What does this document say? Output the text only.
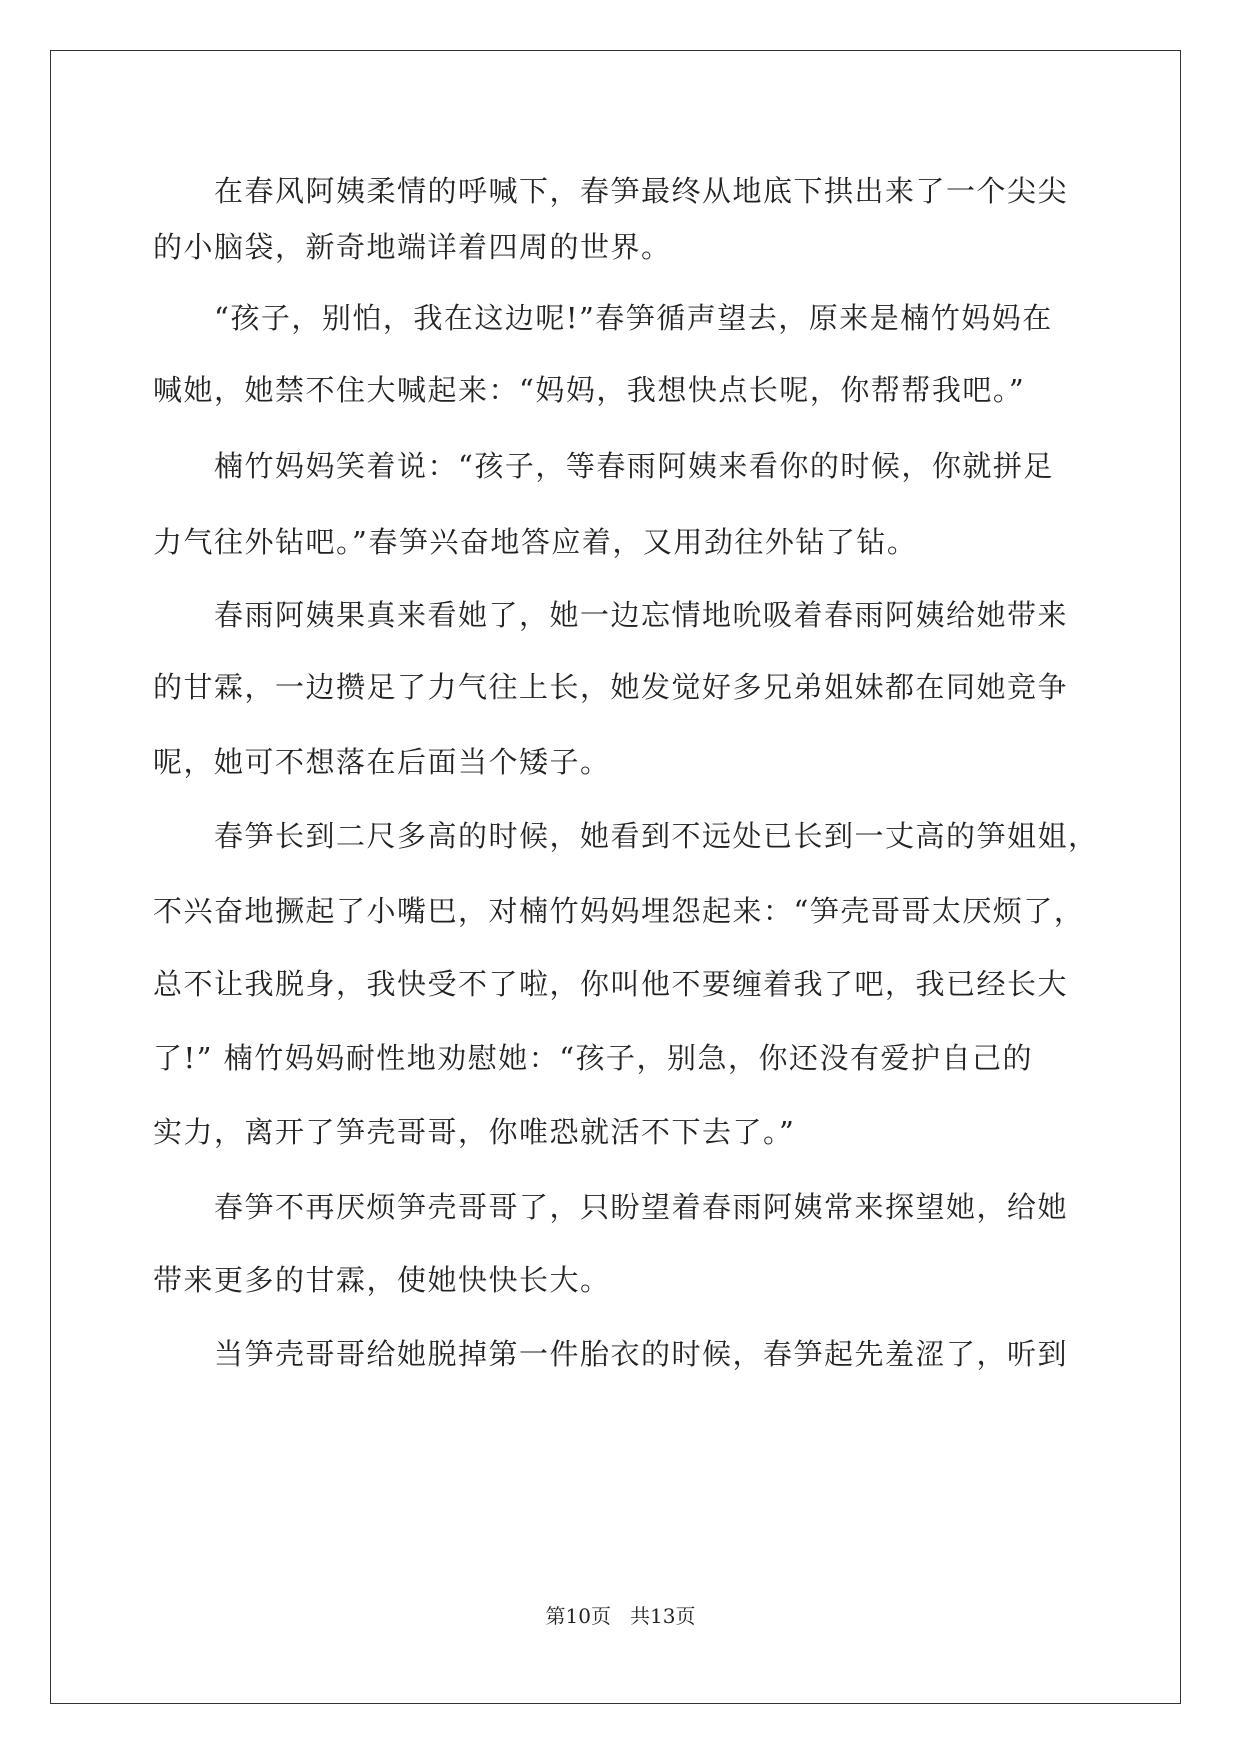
在春风阿姨柔情的呼喊下，春笋最终从地底下拱出来了一个尖尖
的小脑袋，新奇地端详着四周的世界。
“孩子，别怕，我在这边呢!”春笋循声望去，原来是楠竹妈妈在
喊她，她禁不住大喊起来：“妈妈，我想快点长呢，你帮帮我吧。”
楠竹妈妈笑着说：“孩子，等春雨阿姨来看你的时候，你就拼足
力气往外钻吧。”春笋兴奋地答应着，又用劲往外钻了钻。
春雨阿姨果真来看她了，她一边忘情地吮吸着春雨阿姨给她带来
的甘霖，一边攒足了力气往上长，她发觉好多兄弟姐妹都在同她竞争
呢，她可不想落在后面当个矮子。
春笋长到二尺多高的时候，她看到不远处已长到一丈高的笋姐姐，
不兴奋地撅起了小嘴巴，对楠竹妈妈埋怨起来：“笋壳哥哥太厌烦了，
总不让我脱身，我快受不了啦，你叫他不要缠着我了吧，我已经长大
了!” 楠竹妈妈耐性地劝慰她：“孩子，别急，你还没有爱护自己的
实力，离开了笋壳哥哥，你唯恐就活不下去了。”
春笋不再厌烦笋壳哥哥了，只盼望着春雨阿姨常来探望她，给她
带来更多的甘霖，使她快快长大。
当笋壳哥哥给她脱掉第一件胎衣的时候，春笋起先羞涩了，听到
第10页   共13页
